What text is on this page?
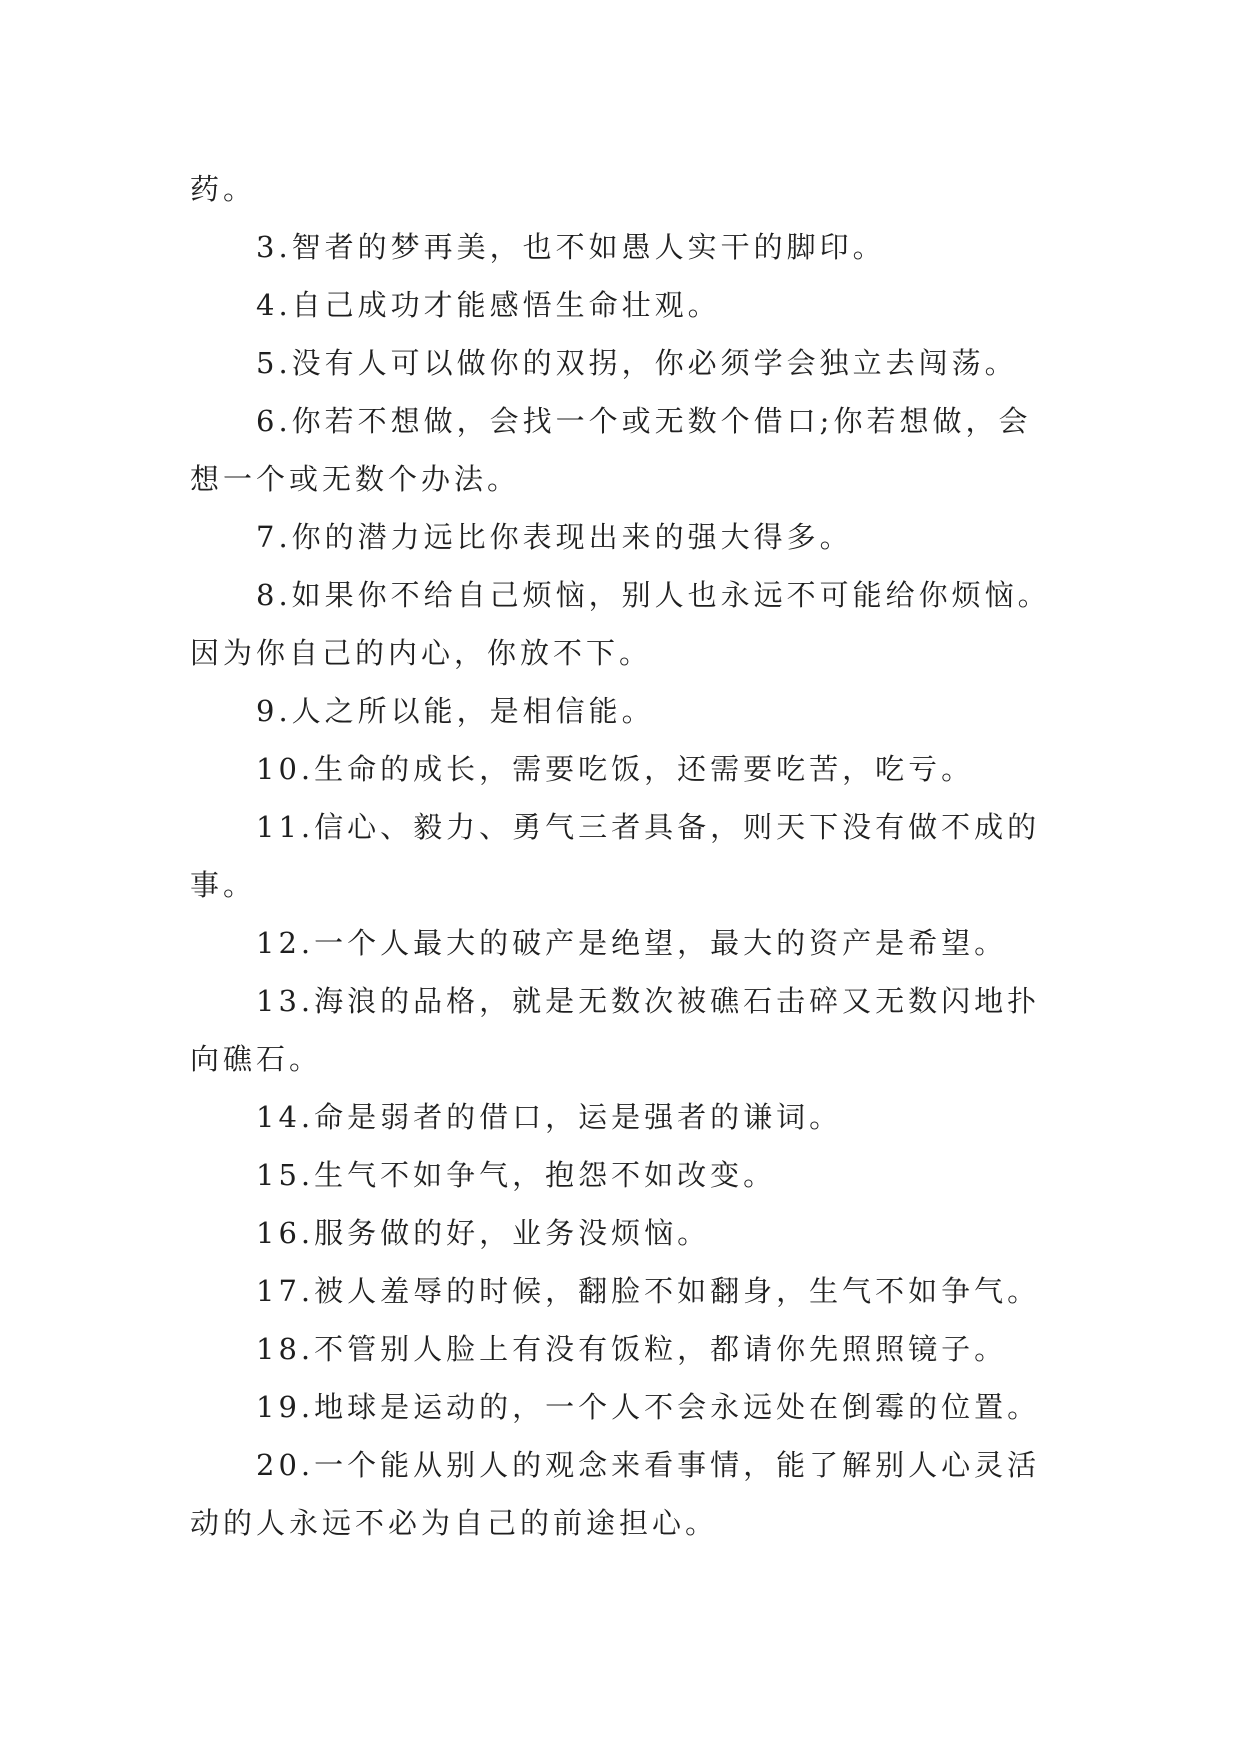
药。
3.智者的梦再美，也不如愚人实干的脚印。
4.自己成功才能感悟生命壮观。
5.没有人可以做你的双拐，你必须学会独立去闯荡。
6.你若不想做，会找一个或无数个借口;你若想做，会
想一个或无数个办法。
7.你的潜力远比你表现出来的强大得多。
8.如果你不给自己烦恼，别人也永远不可能给你烦恼。
因为你自己的内心，你放不下。
9.人之所以能，是相信能。
10.生命的成长，需要吃饭，还需要吃苦，吃亏。
11.信心、毅力、勇气三者具备，则天下没有做不成的
事。
12.一个人最大的破产是绝望，最大的资产是希望。
13.海浪的品格，就是无数次被礁石击碎又无数闪地扑
向礁石。
14.命是弱者的借口，运是强者的谦词。
15.生气不如争气，抱怨不如改变。
16.服务做的好，业务没烦恼。
17.被人羞辱的时候，翻脸不如翻身，生气不如争气。
18.不管别人脸上有没有饭粒，都请你先照照镜子。
19.地球是运动的，一个人不会永远处在倒霉的位置。
20.一个能从别人的观念来看事情，能了解别人心灵活
动的人永远不必为自己的前途担心。
